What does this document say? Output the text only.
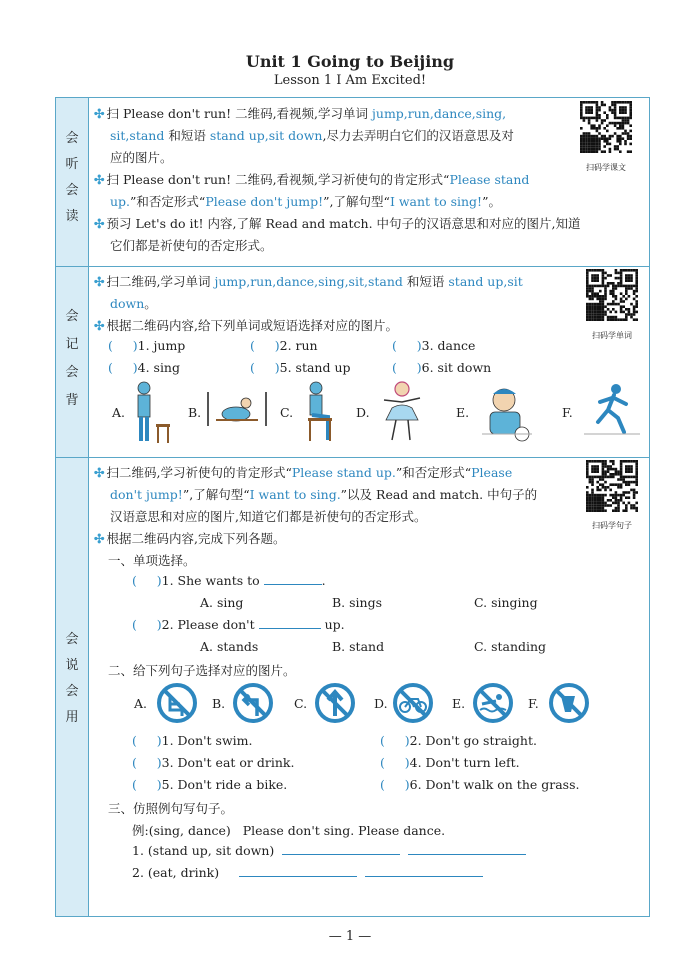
Unit 1 Going to Beijing
Lesson 1 I Am Excited!
会
听
会
读
会
记
会
背
会
说
会
用
✣ 扫 Please don't run! 二维码,看视频,学习单词 jump,run,dance,sing,
sit,stand 和短语 stand up,sit down,尽力去弄明白它们的汉语意思及对
应的图片。
✣ 扫 Please don't run! 二维码,看视频,学习祈使句的肯定形式“Please stand
up.”和否定形式“Please don't jump!”,了解句型“I want to sing!”。
✣ 预习 Let's do it! 内容,了解 Read and match. 中句子的汉语意思和对应的图片,知道
它们都是祈使句的否定形式。
扫码学课文
✣ 扫二维码,学习单词 jump,run,dance,sing,sit,stand 和短语 stand up,sit
down。
✣ 根据二维码内容,给下列单词或短语选择对应的图片。
(     )1. jump	(     )2. run	(     )3. dance
(     )4. sing	(     )5. stand up	(     )6. sit down
A.	B.	C.	D.	E.	F.
扫码学单词
✣ 扫二维码,学习祈使句的肯定形式“Please stand up.”和否定形式“Please
don't jump!”,了解句型“I want to sing.”以及 Read and match. 中句子的
汉语意思和对应的图片,知道它们都是祈使句的否定形式。
✣ 根据二维码内容,完成下列各题。
扫码学句子
一、单项选择。
(     )1. She wants to	.
A. sing	B. sings	C. singing
(     )2. Please don't	up.
A. stands	B. stand	C. standing
二、给下列句子选择对应的图片。
A.	B.	C.	D.	E.	F.
(     )1. Don't swim.	(     )2. Don't go straight.
(     )3. Don't eat or drink.	(     )4. Don't turn left.
(     )5. Don't ride a bike.	(     )6. Don't walk on the grass.
三、仿照例句写句子。
例:(sing, dance) Please don't sing. Please dance.
1. (stand up, sit down)
2. (eat, drink)
— 1 —
